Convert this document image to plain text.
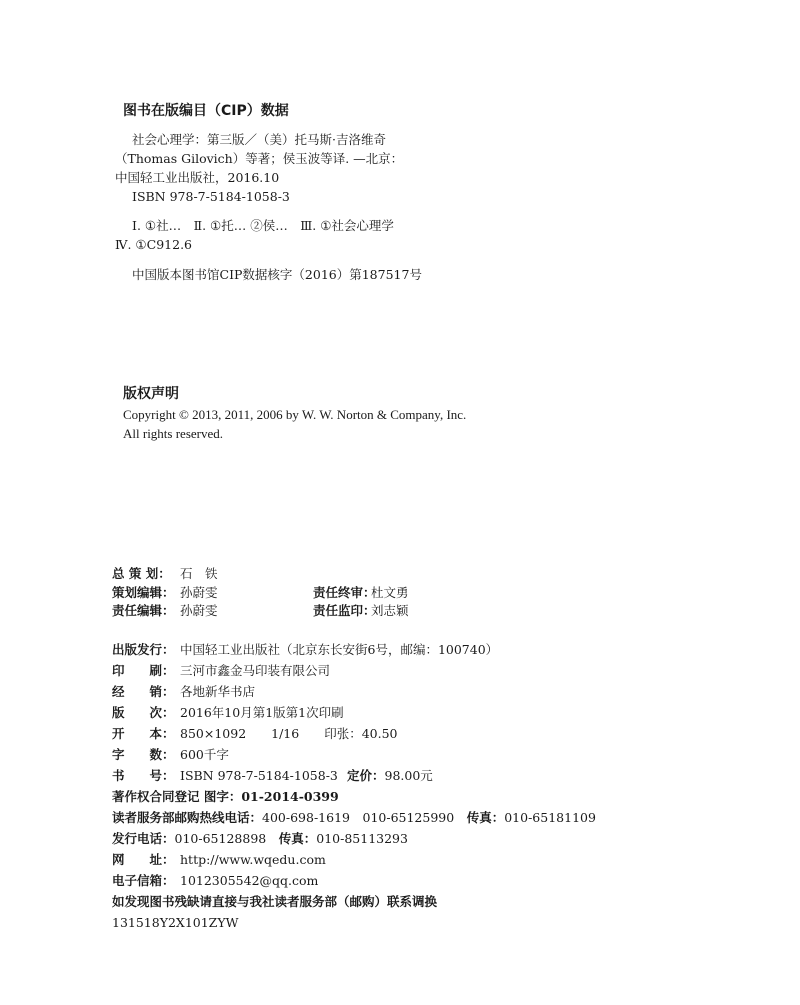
图书在版编目（CIP）数据
社会心理学：第三版／（美）托马斯·吉洛维奇
（Thomas Gilovich）等著；侯玉波等译. —北京：
中国轻工业出版社，2016.10
ISBN 978-7-5184-1058-3
Ⅰ. ①社…　Ⅱ. ①托… ②侯…　Ⅲ. ①社会心理学
Ⅳ. ①C912.6
中国版本图书馆CIP数据核字（2016）第187517号
版权声明
Copyright © 2013, 2011, 2006 by W. W. Norton & Company, Inc.
All rights reserved.
总 策 划： 石　铁
策划编辑： 孙蔚雯	责任终审：杜文勇
责任编辑： 孙蔚雯	责任监印：刘志颖
出版发行： 中国轻工业出版社（北京东长安街6号，邮编：100740）
印　　刷： 三河市鑫金马印装有限公司
经　　销： 各地新华书店
版　　次： 2016年10月第1版第1次印刷
开　　本： 850×1092　　1/16　　印张：40.50
字　　数： 600千字
书　　号： ISBN 978-7-5184-1058-3 定价：98.00元
著作权合同登记 图字：01-2014-0399
读者服务部邮购热线电话：400-698-1619　010-65125990　传真：010-65181109
发行电话：010-65128898　传真：010-85113293
网　　址： http://www.wqedu.com
电子信箱： 1012305542@qq.com
如发现图书残缺请直接与我社读者服务部（邮购）联系调换
131518Y2X101ZYW
